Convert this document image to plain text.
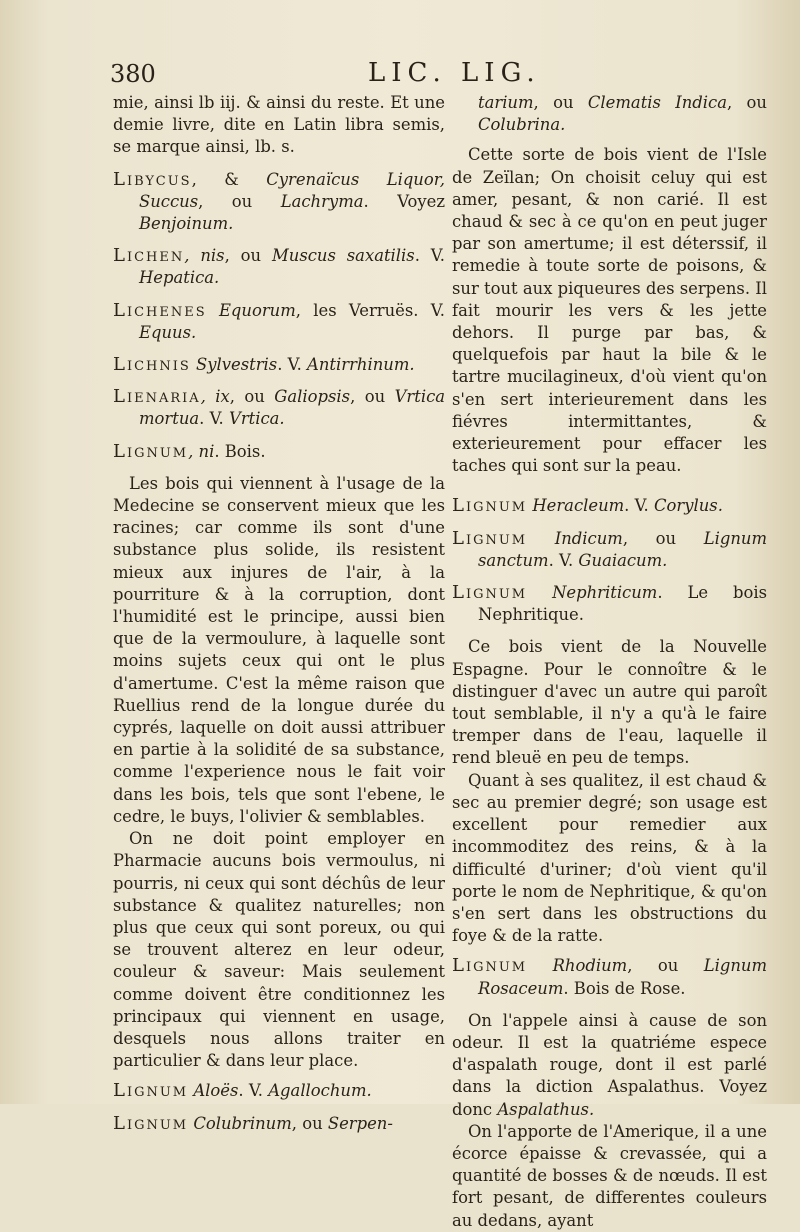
380	LIC. LIG.

mie, ainsi lb iij. & ainsi du reste. Et une demie livre, dite en Latin libra semis, se marque ainsi, lb. s.

Libycus, & Cyrenaïcus Liquor, Succus, ou Lachryma. Voyez Benjoinum.

Lichen, nis, ou Muscus saxatilis. V. Hepatica.

Lichenes Equorum, les Verruës. V. Equus.

Lichnis Sylvestris. V. Antirrhinum.

Lienaria, ix, ou Galiopsis, ou Vrtica mortua. V. Vrtica.

Lignum, ni. Bois.

Les bois qui viennent à l'usage de la Medecine se conservent mieux que les racines; car comme ils sont d'une substance plus solide, ils resistent mieux aux injures de l'air, à la pourriture & à la corruption, dont l'humidité est le principe, aussi bien que de la vermoulure, à laquelle sont moins sujets ceux qui ont le plus d'amertume. C'est la même raison que Ruellius rend de la longue durée du cyprés, laquelle on doit aussi attribuer en partie à la solidité de sa substance, comme l'experience nous le fait voir dans les bois, tels que sont l'ebene, le cedre, le buys, l'olivier & semblables.

On ne doit point employer en Pharmacie aucuns bois vermoulus, ni pourris, ni ceux qui sont déchûs de leur substance & qualitez naturelles; non plus que ceux qui sont poreux, ou qui se trouvent alterez en leur odeur, couleur & saveur: Mais seulement comme doivent être conditionnez les principaux qui viennent en usage, desquels nous allons traiter en particulier & dans leur place.

Lignum Aloës. V. Agallochum.

Lignum Colubrinum, ou Serpen-

tarium, ou Clematis Indica, ou Colubrina.

Cette sorte de bois vient de l'Isle de Zeïlan; On choisit celuy qui est amer, pesant, & non carié. Il est chaud & sec à ce qu'on en peut juger par son amertume; il est déterssif, il remedie à toute sorte de poisons, & sur tout aux piqueures des serpens. Il fait mourir les vers & les jette dehors. Il purge par bas, & quelquefois par haut la bile & le tartre mucilagineux, d'où vient qu'on s'en sert interieurement dans les fiévres intermittantes, & exterieurement pour effacer les taches qui sont sur la peau.

Lignum Heracleum. V. Corylus.

Lignum Indicum, ou Lignum sanctum. V. Guaiacum.

Lignum Nephriticum. Le bois Nephritique.

Ce bois vient de la Nouvelle Espagne. Pour le connoître & le distinguer d'avec un autre qui paroît tout semblable, il n'y a qu'à le faire tremper dans de l'eau, laquelle il rend bleuë en peu de temps.

Quant à ses qualitez, il est chaud & sec au premier degré; son usage est excellent pour remedier aux incommoditez des reins, & à la difficulté d'uriner; d'où vient qu'il porte le nom de Nephritique, & qu'on s'en sert dans les obstructions du foye & de la ratte.

Lignum Rhodium, ou Lignum Rosaceum. Bois de Rose.

On l'appele ainsi à cause de son odeur. Il est la quatriéme espece d'aspalath rouge, dont il est parlé dans la diction Aspalathus. Voyez donc Aspalathus.

On l'apporte de l'Amerique, il a une écorce épaisse & crevassée, qui a quantité de bosses & de nœuds. Il est fort pesant, de differentes couleurs au dedans, ayant
